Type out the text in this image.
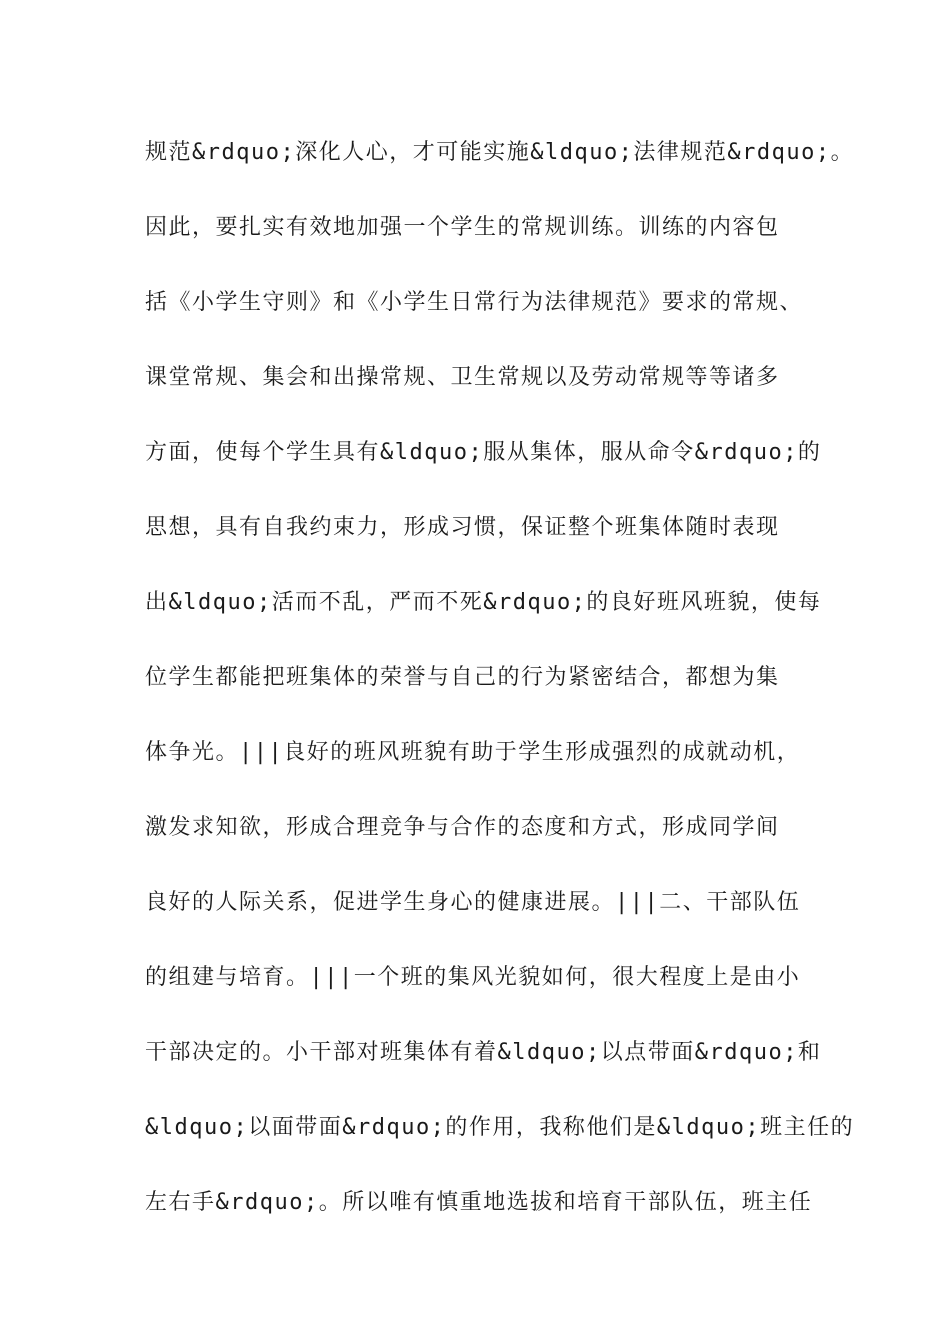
规范&rdquo;深化人心，才可能实施&ldquo;法律规范&rdquo;。
因此，要扎实有效地加强一个学生的常规训练。训练的内容包
括《小学生守则》和《小学生日常行为法律规范》要求的常规、
课堂常规、集会和出操常规、卫生常规以及劳动常规等等诸多
方面，使每个学生具有&ldquo;服从集体，服从命令&rdquo;的
思想，具有自我约束力，形成习惯，保证整个班集体随时表现
出&ldquo;活而不乱，严而不死&rdquo;的良好班风班貌，使每
位学生都能把班集体的荣誉与自己的行为紧密结合，都想为集
体争光。|||良好的班风班貌有助于学生形成强烈的成就动机，
激发求知欲，形成合理竞争与合作的态度和方式，形成同学间
良好的人际关系，促进学生身心的健康进展。|||二、干部队伍
的组建与培育。|||一个班的集风光貌如何，很大程度上是由小
干部决定的。小干部对班集体有着&ldquo;以点带面&rdquo;和
&ldquo;以面带面&rdquo;的作用，我称他们是&ldquo;班主任的
左右手&rdquo;。所以唯有慎重地选拔和培育干部队伍，班主任
